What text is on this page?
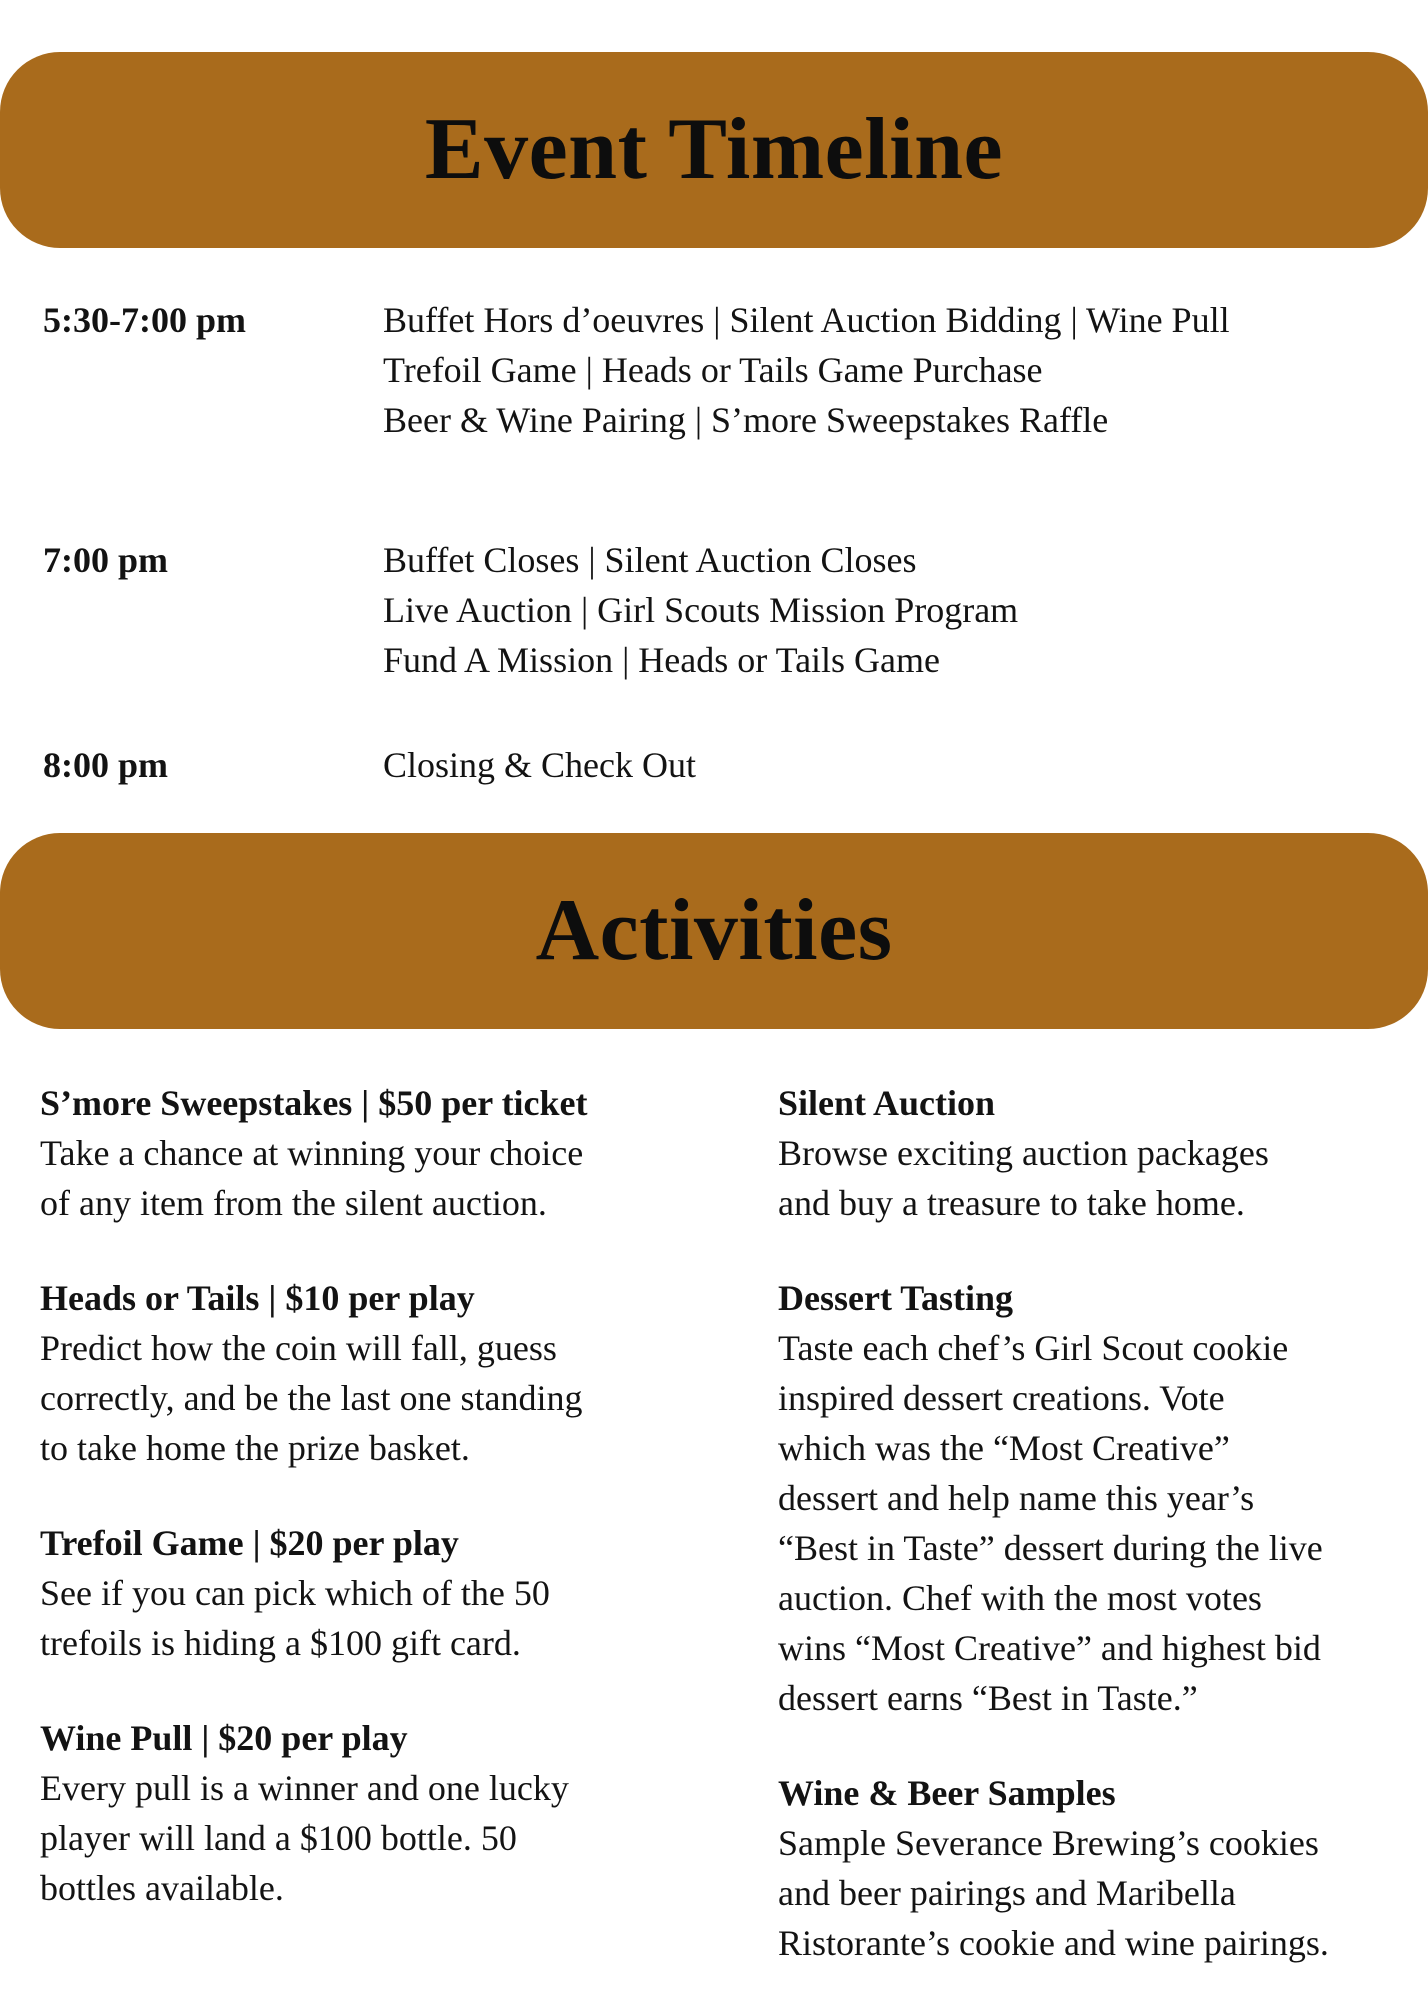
Event Timeline
5:30-7:00 pm	Buffet Hors d’oeuvres | Silent Auction Bidding | Wine Pull
Trefoil Game | Heads or Tails Game Purchase
Beer & Wine Pairing | S’more Sweepstakes Raffle
7:00 pm	Buffet Closes | Silent Auction Closes
Live Auction | Girl Scouts Mission Program
Fund A Mission | Heads or Tails Game
8:00 pm	Closing & Check Out
Activities
S’more Sweepstakes | $50 per ticket
Take a chance at winning your choice
of any item from the silent auction.
Heads or Tails | $10 per play
Predict how the coin will fall, guess
correctly, and be the last one standing
to take home the prize basket.
Trefoil Game | $20 per play
See if you can pick which of the 50
trefoils is hiding a $100 gift card.
Wine Pull | $20 per play
Every pull is a winner and one lucky
player will land a $100 bottle. 50
bottles available.
Silent Auction
Browse exciting auction packages
and buy a treasure to take home.
Dessert Tasting
Taste each chef’s Girl Scout cookie
inspired dessert creations. Vote
which was the “Most Creative”
dessert and help name this year’s
“Best in Taste” dessert during the live
auction. Chef with the most votes
wins “Most Creative” and highest bid
dessert earns “Best in Taste.”
Wine & Beer Samples
Sample Severance Brewing’s cookies
and beer pairings and Maribella
Ristorante’s cookie and wine pairings.
